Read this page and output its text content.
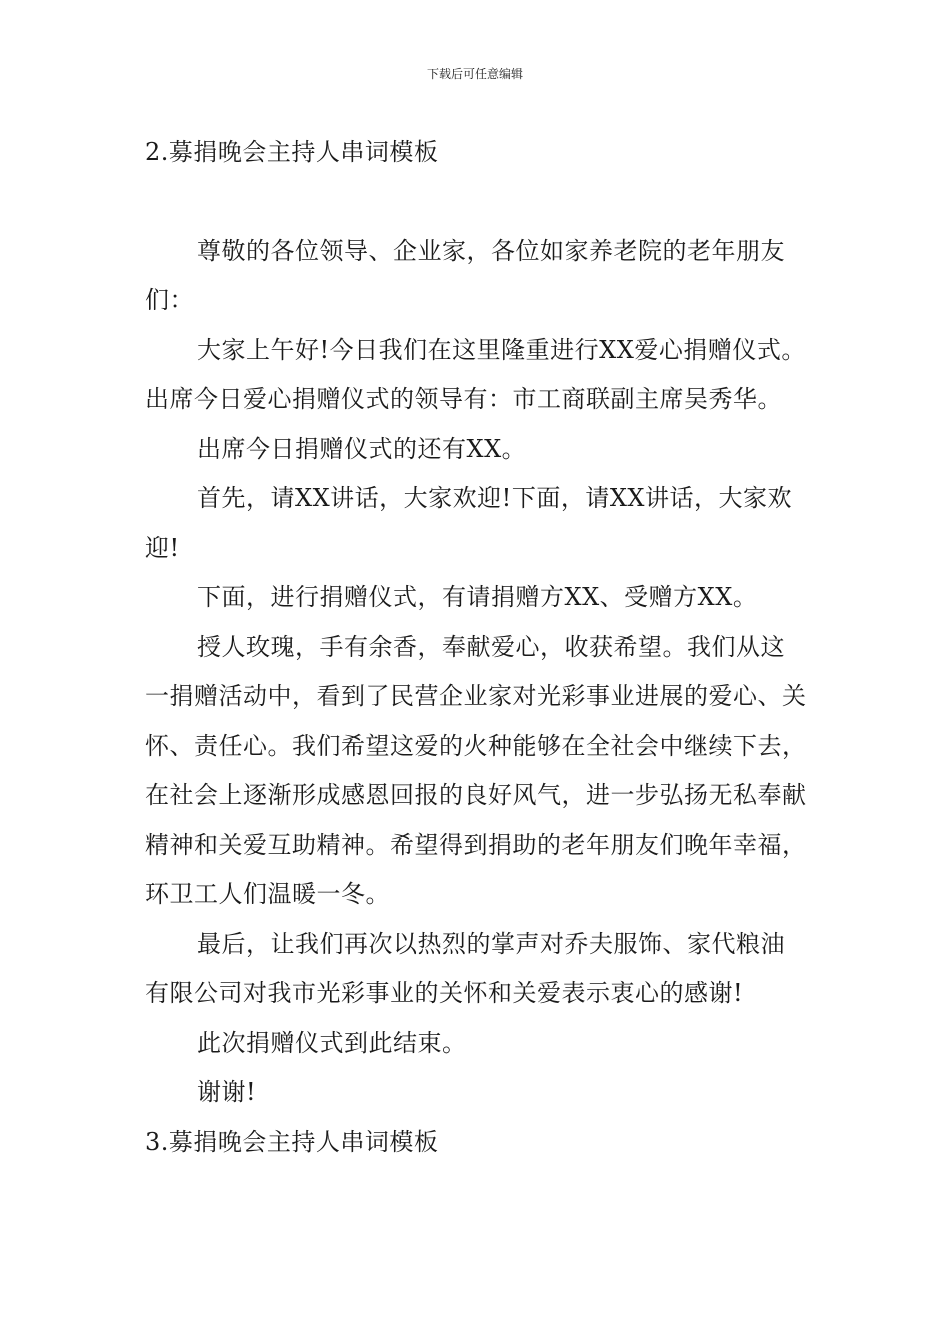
下载后可任意编辑
2.募捐晚会主持人串词模板

尊敬的各位领导、企业家，各位如家养老院的老年朋友们：

大家上午好!今日我们在这里隆重进行XX爱心捐赠仪式。出席今日爱心捐赠仪式的领导有：市工商联副主席吴秀华。

出席今日捐赠仪式的还有XX。

首先，请XX讲话，大家欢迎!下面，请XX讲话，大家欢迎!

下面，进行捐赠仪式，有请捐赠方XX、受赠方XX。

授人玫瑰，手有余香，奉献爱心，收获希望。我们从这一捐赠活动中，看到了民营企业家对光彩事业进展的爱心、关怀、责任心。我们希望这爱的火种能够在全社会中继续下去，在社会上逐渐形成感恩回报的良好风气，进一步弘扬无私奉献精神和关爱互助精神。希望得到捐助的老年朋友们晚年幸福，环卫工人们温暖一冬。

最后，让我们再次以热烈的掌声对乔夫服饰、家代粮油有限公司对我市光彩事业的关怀和关爱表示衷心的感谢!

此次捐赠仪式到此结束。

谢谢!

3.募捐晚会主持人串词模板
